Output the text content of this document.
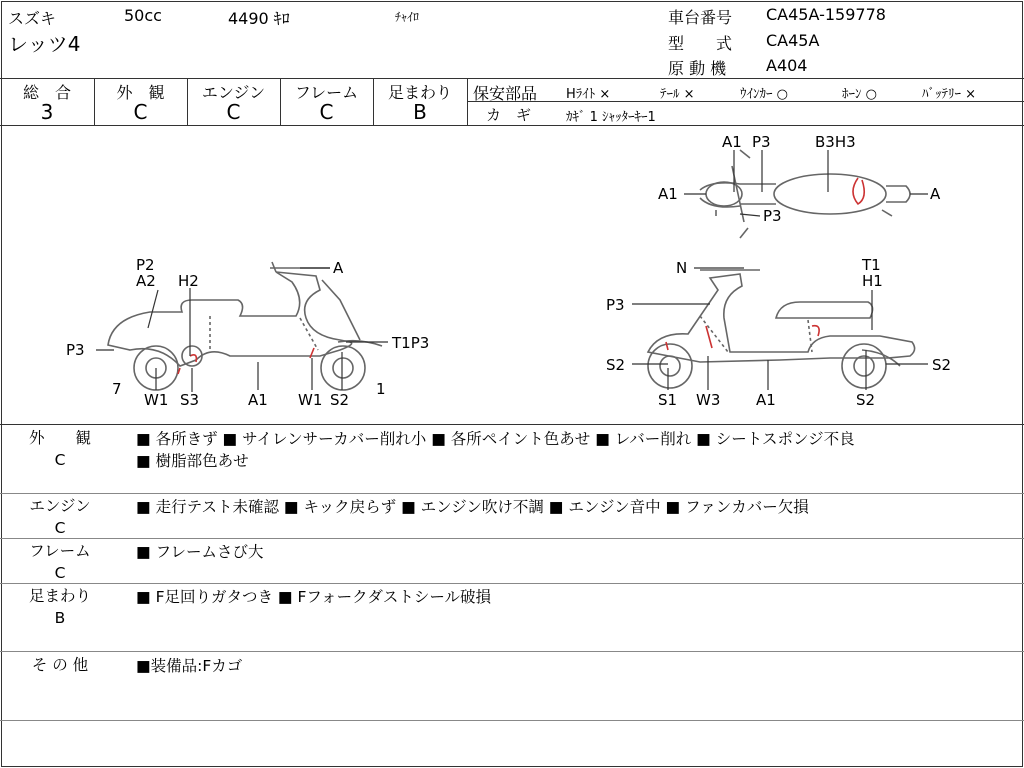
スズキ	50cc	4490 ｷﾛ	ﾁｬｲﾛ
レッツ4
車台番号 CA45A-159778
型　　式 CA45A
原 動 機 A404
総　合
3
外　観
C
エンジン
C
フレーム
C
足まわり
B
保安部品 Hﾗｲﾄ ×	ﾃｰﾙ ×	ｳｲﾝｶｰ ○	ﾎｰﾝ ○	ﾊﾞｯﾃﾘｰ ×
カ　ギ	ｶｷﾞ 1 ｼｬｯﾀｰｷｰ1
P2
A2 H2
A
P3	T1P3
7
W1 S3	A1 W1 S2
1
A1 P3	B3H3
A1	A
P3
N	T1
H1
P3
S2	S2
S1 W3 A1	S2
外　　観
C
■ 各所きず ■ サイレンサーカバー削れ小 ■ 各所ペイント色あせ ■ レバー削れ ■ シートスポンジ不良
■ 樹脂部色あせ
エンジン
C
■ 走行テスト未確認 ■ キック戻らず ■ エンジン吹け不調 ■ エンジン音中 ■ ファンカバー欠損
フレーム
C
■ フレームさび大
足まわり
B
■ F足回りガタつき ■ Fフォークダストシール破損
そ の 他	■装備品:Fカゴ
